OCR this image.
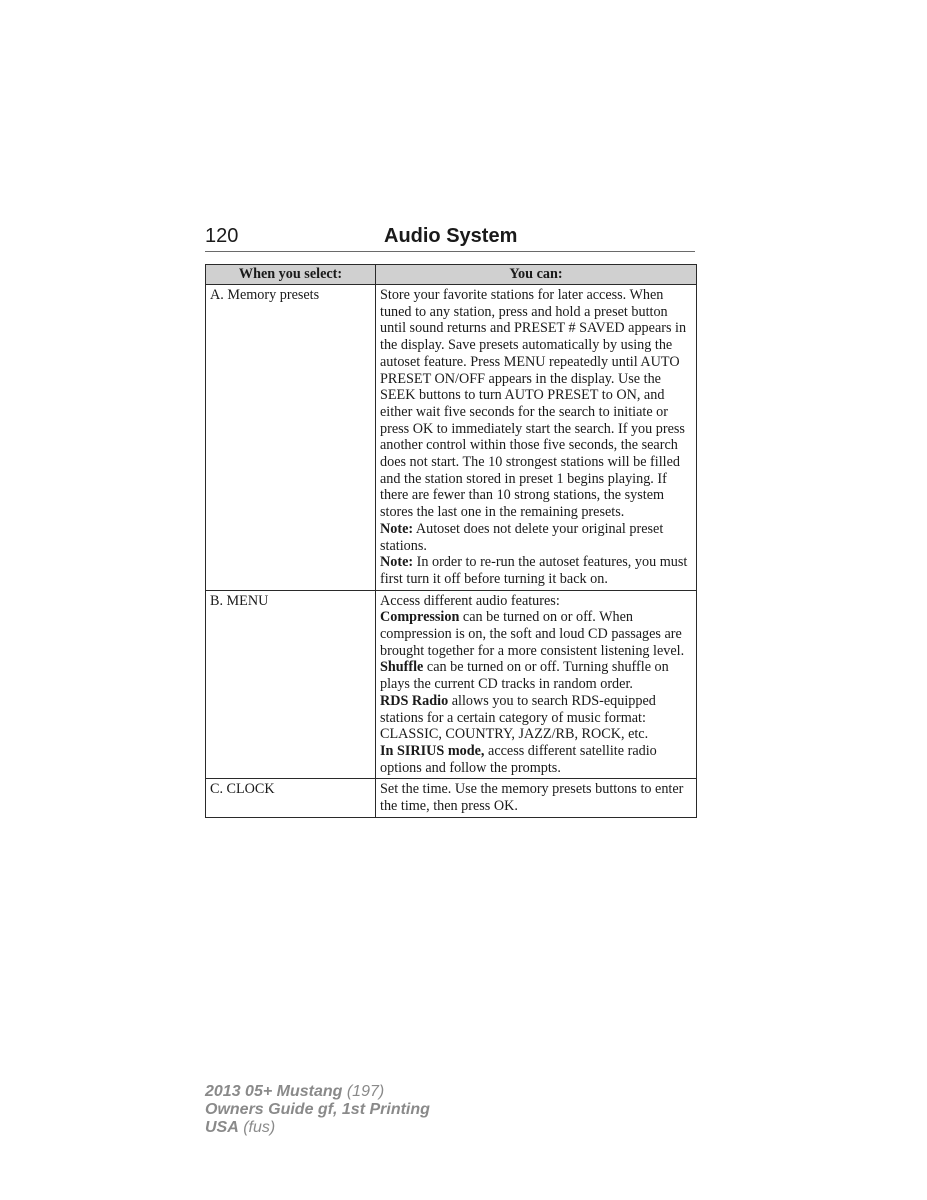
120	Audio System
When you select:	You can:
A. Memory presets	Store your favorite stations for later access. When tuned to any station, press and hold a preset button until sound returns and PRESET # SAVED appears in the display. Save presets automatically by using the autoset feature. Press MENU repeatedly until AUTO PRESET ON/OFF appears in the display. Use the SEEK buttons to turn AUTO PRESET to ON, and either wait five seconds for the search to initiate or press OK to immediately start the search. If you press another control within those five seconds, the search does not start. The 10 strongest stations will be filled and the station stored in preset 1 begins playing. If there are fewer than 10 strong stations, the system stores the last one in the remaining presets.
Note: Autoset does not delete your original preset stations.
Note: In order to re-run the autoset features, you must first turn it off before turning it back on.

B. MENU	Access different audio features:
Compression can be turned on or off. When compression is on, the soft and loud CD passages are brought together for a more consistent listening level.
Shuffle can be turned on or off. Turning shuffle on plays the current CD tracks in random order.
RDS Radio allows you to search RDS-equipped stations for a certain category of music format: CLASSIC, COUNTRY, JAZZ/RB, ROCK, etc.
In SIRIUS mode, access different satellite radio options and follow the prompts.

C. CLOCK	Set the time. Use the memory presets buttons to enter the time, then press OK.
2013 05+ Mustang (197)
Owners Guide gf, 1st Printing
USA (fus)
